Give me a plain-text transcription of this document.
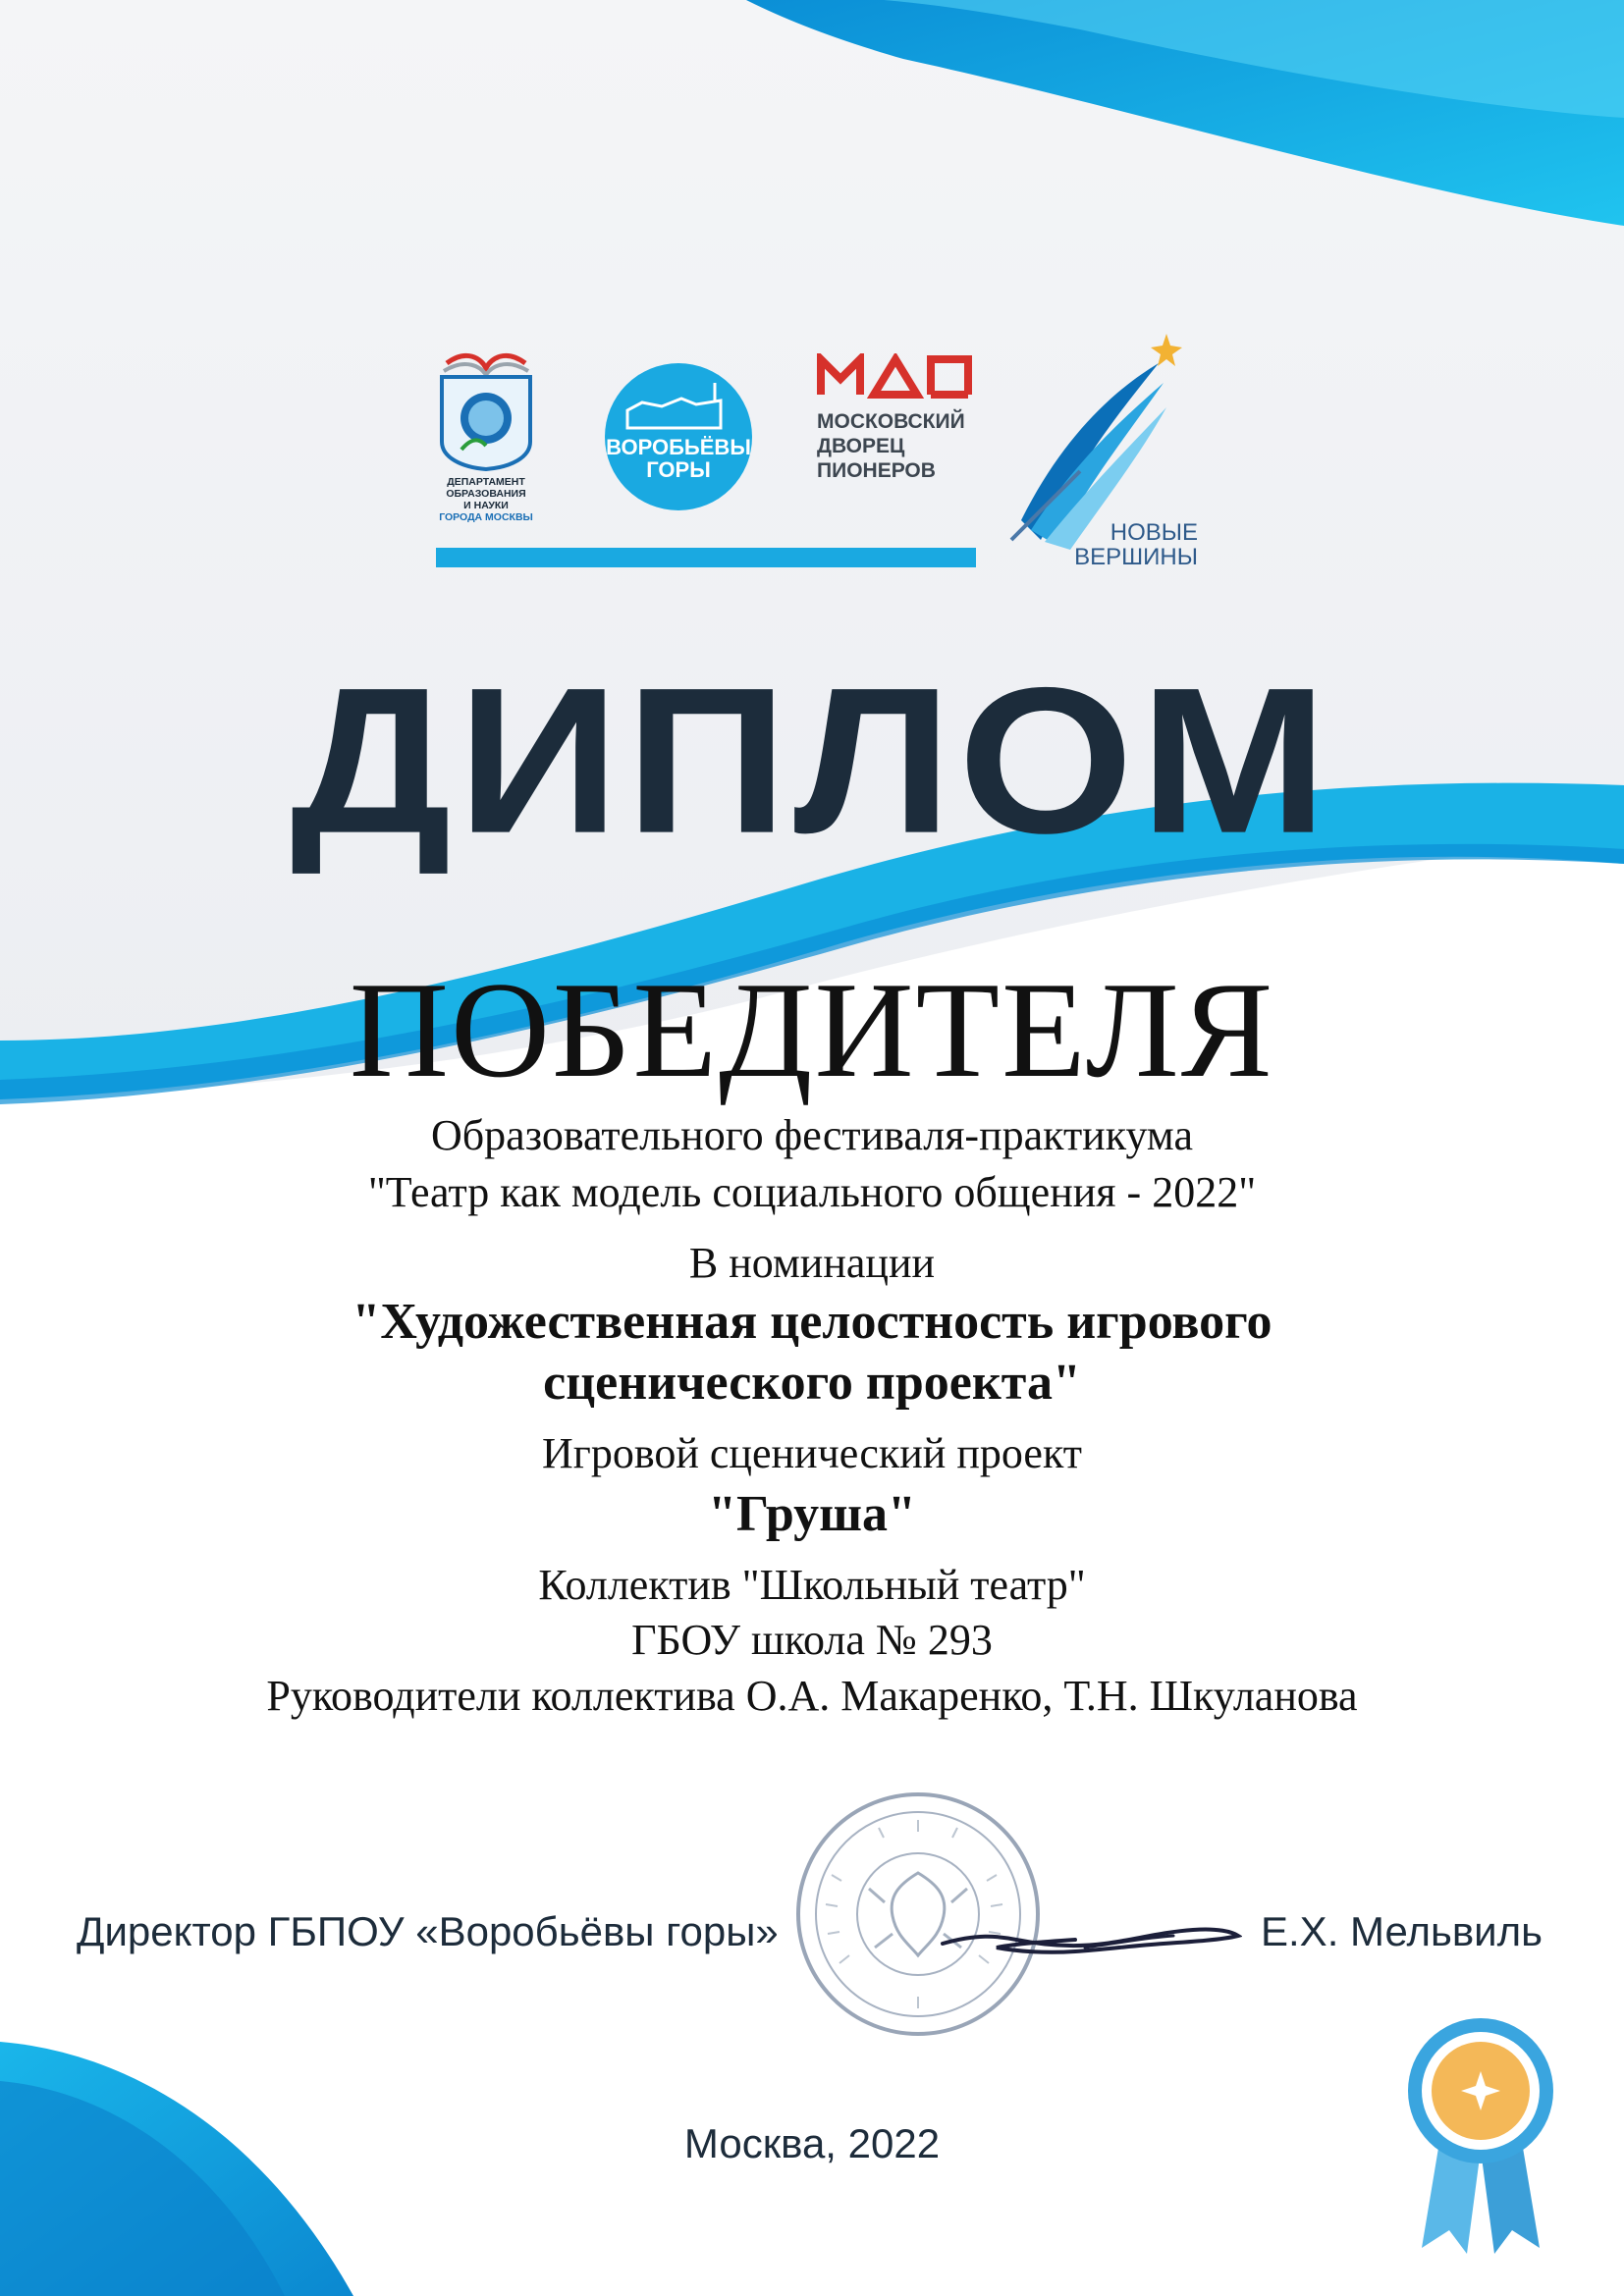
ДЕПАРТАМЕНТ
ОБРАЗОВАНИЯ
И НАУКИ
ГОРОДА МОСКВЫ
ВОРОБЬЁВЫ
ГОРЫ
МОСКОВСКИЙ
ДВОРЕЦ
ПИОНЕРОВ
НОВЫЕ
ВЕРШИНЫ
ДИПЛОМ
ПОБЕДИТЕЛЯ
Образовательного фестиваля-практикума
"Театр как модель социального общения - 2022"
В номинации
"Художественная целостность игрового
сценического проекта"
Игровой сценический проект
"Груша"
Коллектив "Школьный театр"
ГБОУ школа № 293
Руководители коллектива О.А. Макаренко, Т.Н. Шкуланова
Директор ГБПОУ «Воробьёвы горы»	Е.Х. Мельвиль
Москва, 2022
